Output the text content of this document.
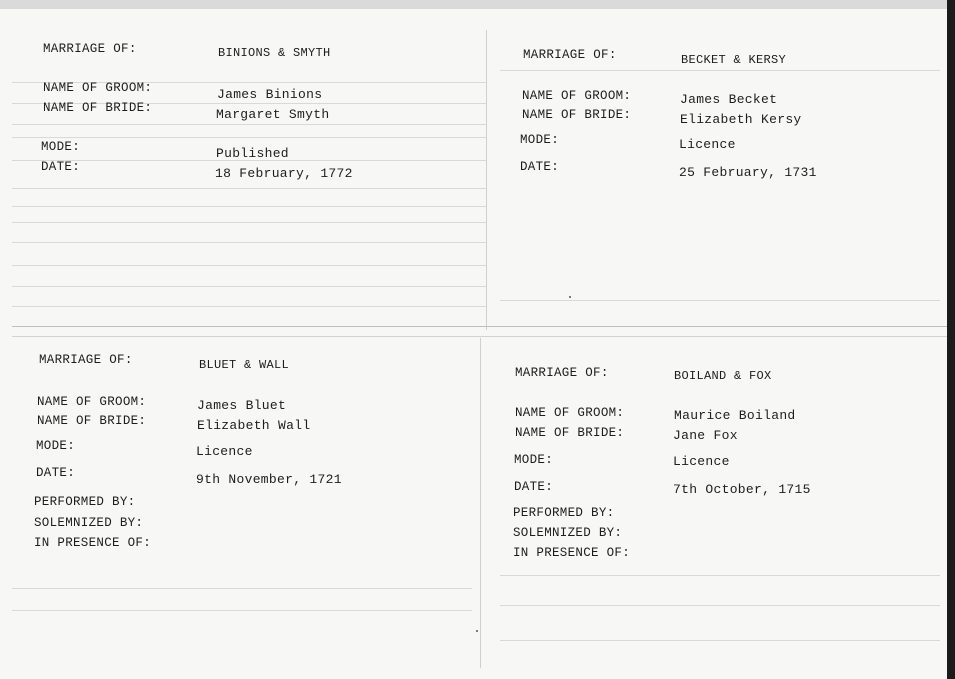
MARRIAGE OF:	BINIONS & SMYTH
NAME OF GROOM:	James Binions
NAME OF BRIDE:	Margaret Smyth
MODE:	Published
DATE:	18 February, 1772
MARRIAGE OF:	BECKET & KERSY
NAME OF GROOM:	James Becket
NAME OF BRIDE:	Elizabeth Kersy
MODE:	Licence
DATE:	25 February, 1731
MARRIAGE OF:	BLUET & WALL
NAME OF GROOM:	James Bluet
NAME OF BRIDE:	Elizabeth Wall
MODE:	Licence
DATE:	9th November, 1721
PERFORMED BY:
SOLEMNIZED BY:
IN PRESENCE OF:
MARRIAGE OF:	BOILAND & FOX
NAME OF GROOM:	Maurice Boiland
NAME OF BRIDE:	Jane Fox
MODE:	Licence
DATE:	7th October, 1715
PERFORMED BY:
SOLEMNIZED BY:
IN PRESENCE OF:
